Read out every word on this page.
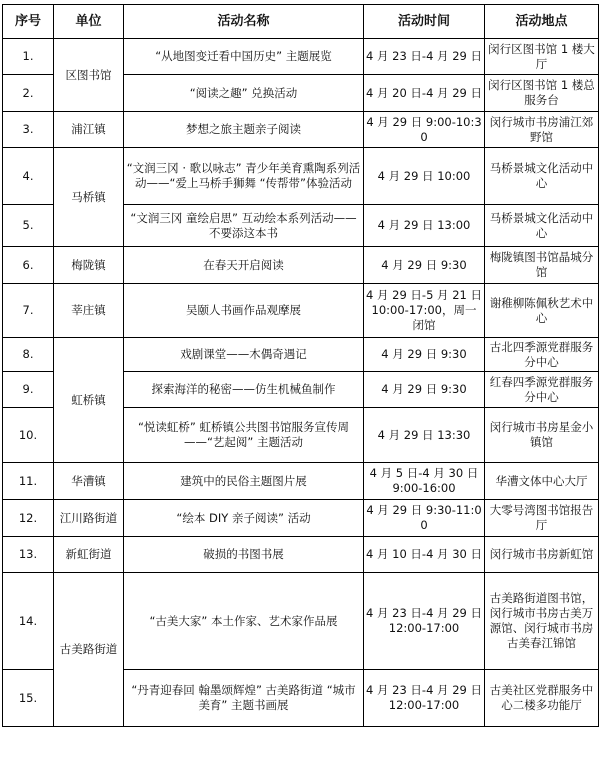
序号	单位	活动名称	活动时间	活动地点
1.	区图书馆	“从地图变迁看中国历史” 主题展览	4 月 23 日-4 月 29 日	闵行区图书馆 1 楼大厅
2.		“阅读之趣” 兑换活动	4 月 20 日-4 月 29 日	闵行区图书馆 1 楼总服务台
3.	浦江镇	梦想之旅主题亲子阅读	4 月 29 日 9:00-10:30	闵行城市书房浦江郊野馆
4.	马桥镇	“文润三冈 · 歌以咏志” 青少年美育熏陶系列活动——“爱上马桥手狮舞 “传帮带”体验活动	4 月 29 日 10:00	马桥景城文化活动中心
5.		“文润三冈 童绘启思” 互动绘本系列活动——不要添这本书	4 月 29 日 13:00	马桥景城文化活动中心
6.	梅陇镇	在春天开启阅读	4 月 29 日 9:30	梅陇镇图书馆晶城分馆
7.	莘庄镇	吴颐人书画作品观摩展	4 月 29 日-5 月 21 日 10:00-17:00，周一闭馆	谢稚柳陈佩秋艺术中心
8.	虹桥镇	戏剧课堂——木偶奇遇记	4 月 29 日 9:30	古北四季源党群服务分中心
9.		探索海洋的秘密——仿生机械鱼制作	4 月 29 日 9:30	红春四季源党群服务分中心
10.		“悦读虹桥” 虹桥镇公共图书馆服务宣传周——“艺起阅” 主题活动	4 月 29 日 13:30	闵行城市书房星金小镇馆
11.	华漕镇	建筑中的民俗主题图片展	4 月 5 日-4 月 30 日 9:00-16:00	华漕文体中心大厅
12.	江川路街道	“绘本 DIY 亲子阅读” 活动	4 月 29 日 9:30-11:00	大零号湾图书馆报告厅
13.	新虹街道	破损的书图书展	4 月 10 日-4 月 30 日	闵行城市书房新虹馆
14.	古美路街道	“古美大家” 本土作家、艺术家作品展	4 月 23 日-4 月 29 日 12:00-17:00	古美路街道图书馆，闵行城市书房古美万源馆、闵行城市书房古美春江锦馆
15.		“丹青迎春回 翰墨颂辉煌” 古美路街道 “城市美育” 主题书画展	4 月 23 日-4 月 29 日 12:00-17:00	古美社区党群服务中心二楼多功能厅
